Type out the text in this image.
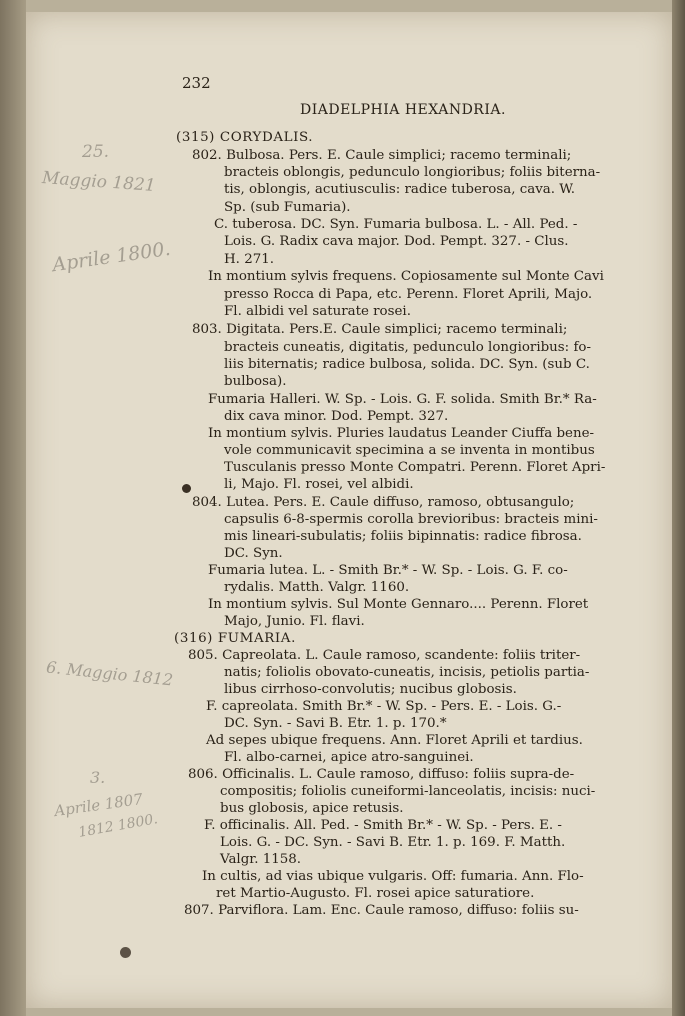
232
DIADELPHIA HEXANDRIA.
25.
Maggio 1821
Aprile 1800.
6. Maggio 1812
3.
Aprile 1807
1812 1800.
(315) CORYDALIS.
802. Bulbosa. Pers. E. Caule simplici; racemo terminali;
bracteis oblongis, pedunculo longioribus; foliis biterna-
tis, oblongis, acutiusculis: radice tuberosa, cava. W.
Sp. (sub Fumaria).
C. tuberosa. DC. Syn. Fumaria bulbosa. L. - All. Ped. -
Lois. G. Radix cava major. Dod. Pempt. 327. - Clus.
H. 271.
In montium sylvis frequens. Copiosamente sul Monte Cavi
presso Rocca di Papa, etc. Perenn. Floret Aprili, Majo.
Fl. albidi vel saturate rosei.
803. Digitata. Pers.E. Caule simplici; racemo terminali;
bracteis cuneatis, digitatis, pedunculo longioribus: fo-
liis biternatis; radice bulbosa, solida. DC. Syn. (sub C.
bulbosa).
Fumaria Halleri. W. Sp. - Lois. G. F. solida. Smith Br.* Ra-
dix cava minor. Dod. Pempt. 327.
In montium sylvis. Pluries laudatus Leander Ciuffa bene-
vole communicavit specimina a se inventa in montibus
Tusculanis presso Monte Compatri. Perenn. Floret Apri-
li, Majo. Fl. rosei, vel albidi.
804. Lutea. Pers. E. Caule diffuso, ramoso, obtusangulo;
capsulis 6-8-spermis corolla brevioribus: bracteis mini-
mis lineari-subulatis; foliis bipinnatis: radice fibrosa.
DC. Syn.
Fumaria lutea. L. - Smith Br.* - W. Sp. - Lois. G. F. co-
rydalis. Matth. Valgr. 1160.
In montium sylvis. Sul Monte Gennaro.... Perenn. Floret
Majo, Junio. Fl. flavi.
(316) FUMARIA.
805. Capreolata. L. Caule ramoso, scandente: foliis triter-
natis; foliolis obovato-cuneatis, incisis, petiolis partia-
libus cirrhoso-convolutis; nucibus globosis.
F. capreolata. Smith Br.* - W. Sp. - Pers. E. - Lois. G.-
DC. Syn. - Savi B. Etr. 1. p. 170.*
Ad sepes ubique frequens. Ann. Floret Aprili et tardius.
Fl. albo-carnei, apice atro-sanguinei.
806. Officinalis. L. Caule ramoso, diffuso: foliis supra-de-
compositis; foliolis cuneiformi-lanceolatis, incisis: nuci-
bus globosis, apice retusis.
F. officinalis. All. Ped. - Smith Br.* - W. Sp. - Pers. E. -
Lois. G. - DC. Syn. - Savi B. Etr. 1. p. 169. F. Matth.
Valgr. 1158.
In cultis, ad vias ubique vulgaris. Off: fumaria. Ann. Flo-
ret Martio-Augusto. Fl. rosei apice saturatiore.
807. Parviflora. Lam. Enc. Caule ramoso, diffuso: foliis su-
